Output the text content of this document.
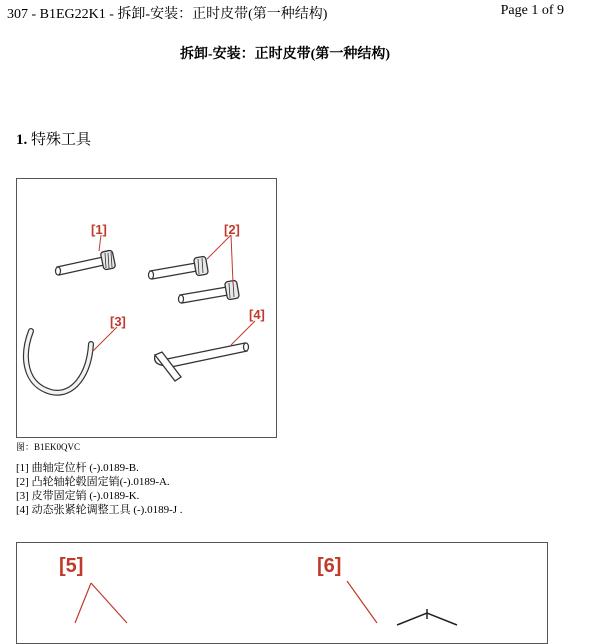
307 - B1EG22K1 - 拆卸-安装：正时皮带(第一种结构)	Page 1 of 9
拆卸-安装：正时皮带(第一种结构)
1. 特殊工具
[1]	[2]
[3]	[4]
图：B1EK0QVC
[1] 曲轴定位杆 (-).0189-B.
[2] 凸轮轴轮毂固定销(-).0189-A.
[3] 皮带固定销 (-).0189-K.
[4] 动态张紧轮调整工具 (-).0189-J .
[5]	[6]
